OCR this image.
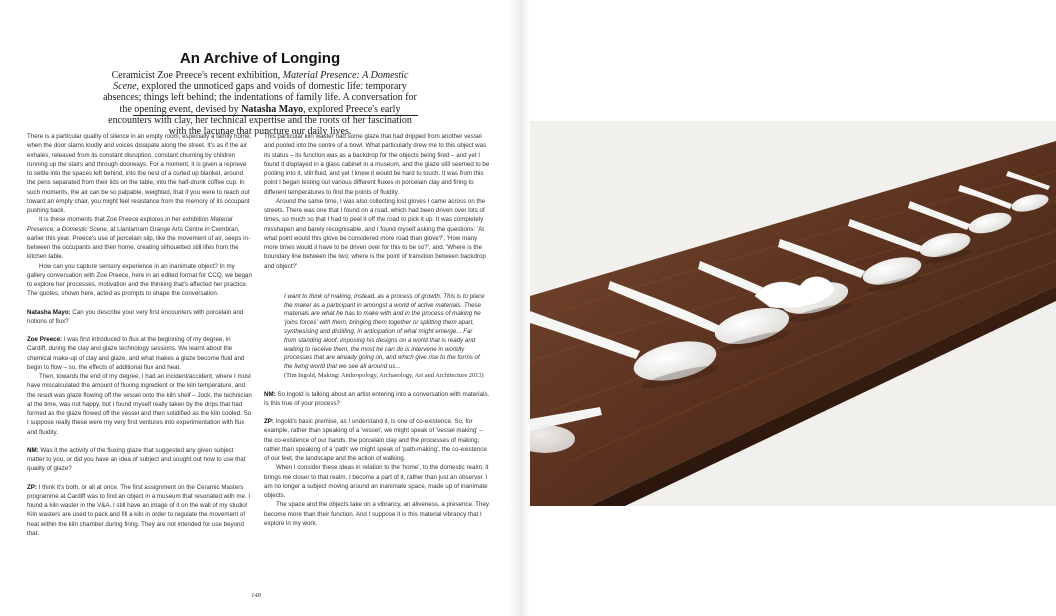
An Archive of Longing

Ceramicist Zoe Preece's recent exhibition, Material Presence: A Domestic Scene, explored the unnoticed gaps and voids of domestic life: temporary absences; things left behind; the indentations of family life. A conversation for the opening event, devised by Natasha Mayo, explored Preece's early encounters with clay, her technical expertise and the roots of her fascination with the lacunae that puncture our daily lives.

There is a particular quality of silence in an empty room, especially a family home, when the door slams loudly and voices dissipate along the street. It's as if the air exhales, released from its constant disruption, constant churning by children running up the stairs and through doorways. For a moment, it is given a reprieve to settle into the spaces left behind, into the nest of a curled up blanket, around the pens separated from their lids on the table, into the half-drunk coffee cup. In such moments, the air can be so palpable, weighted, that if you were to reach out toward an empty chair, you might feel resistance from the memory of its occupant pushing back.

It is these moments that Zoe Preece explores in her exhibition Material Presence: a Domestic Scene, at Llantarnam Grange Arts Centre in Cwmbran, earlier this year. Preece's use of porcelain slip, like the movement of air, seeps in-between the occupants and their home, creating silhouetted still lifes from the kitchen table.

How can you capture sensory experience in an inanimate object? In my gallery conversation with Zoe Preece, here in an edited format for CCQ, we began to explore her processes, motivation and the thinking that's affected her practice. The quotes, shown here, acted as prompts to shape the conversation.

Natasha Mayo: Can you describe your very first encounters with porcelain and notions of flux?

Zoe Preece: I was first introduced to flux at the beginning of my degree, in Cardiff, during the clay and glaze technology sessions. We learnt about the chemical make-up of clay and glaze, and what makes a glaze become fluid and begin to flow – so, the effects of additional flux and heat.

Then, towards the end of my degree, I had an incident/accident, where I must have miscalculated the amount of fluxing ingredient or the kiln temperature, and the result was glaze flowing off the vessel onto the kiln shelf – Jock, the technician at the time, was not happy, but I found myself really taken by the drips that had formed as the glaze flowed off the vessel and then solidified as the kiln cooled. So I suppose really these were my very first ventures into experimentation with flux and fluidity.

NM: Was it the activity of the fluxing glaze that suggested any given subject matter to you, or did you have an idea of subject and sought out how to use that quality of glaze?

ZP: I think it's both, or all at once. The first assignment on the Ceramic Masters programme at Cardiff was to find an object in a museum that resonated with me. I found a kiln waster in the V&A. I still have an image of it on the wall of my studio! Kiln wasters are used to pack and fill a kiln in order to regulate the movement of heat within the kiln chamber during firing. They are not intended for use beyond that.

This particular kiln waster had some glaze that had dripped from another vessel and pooled into the centre of a bowl. What particularly drew me to this object was its status – its function was as a backdrop for the objects being fired – and yet I found it displayed in a glass cabinet in a museum, and the glaze still seemed to be pooling into it, still fluid, and yet I knew it would be hard to touch. It was from this point I began testing out various different fluxes in porcelain clay and firing to different temperatures to find the points of fluidity.

Around the same time, I was also collecting lost gloves I came across on the streets. There was one that I found on a road, which had been driven over lots of times, so much so that I had to peel it off the road to pick it up. It was completely misshapen and barely recognisable, and I found myself asking the questions: 'At what point would this glove be considered more road than glove?', 'How many more times would it have to be driven over for this to be so?', and, 'Where is the boundary line between the two; where is the point of transition between backdrop and object?'

I want to think of making, instead, as a process of growth. This is to place the maker as a participant in amongst a world of active materials. These materials are what he has to make with and in the process of making he 'joins forces' with them, bringing them together or splitting them apart, synthesising and distilling, in anticipation of what might emerge... Far from standing aloof, imposing his designs on a world that is ready and waiting to receive them, the most he can do is intervene in worldly processes that are already going on, and which give rise to the forms of the living world that we see all around us...
(Tim Ingold, Making: Anthropology, Archaeology, Art and Architecture 2013)

NM: So Ingold is talking about an artist entering into a conversation with materials. Is this true of your process?

ZP: Ingold's basic premise, as I understand it, is one of co-existence. So, for example, rather than speaking of a 'vessel', we might speak of 'vessel making' – the co-existence of our hands, the porcelain clay and the processes of making; rather than speaking of a 'path' we might speak of 'path-making', the co-existence of our feet, the landscape and the action of walking.

When I consider these ideas in relation to the 'home', to the domestic realm, it brings me closer to that realm. I become a part of it, rather than just an observer. I am no longer a subject moving around an inanimate space, made up of inanimate objects.

The space and the objects take on a vibrancy, an aliveness, a presence. They become more than their function. And I suppose it is this material vibrancy that I explore in my work.

148
